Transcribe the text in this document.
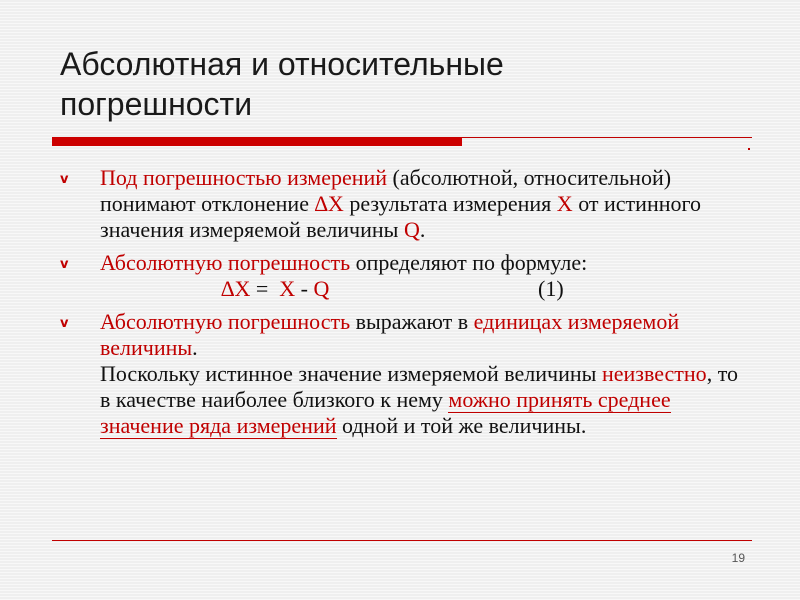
Абсолютная и относительные погрешности
v Под погрешностью измерений (абсолютной, относительной) понимают отклонение ∆X результата измерения X от истинного значения измеряемой величины Q.
v Абсолютную погрешность определяют по формуле:
∆X =  X - Q	(1)
v Абсолютную погрешность выражают в единицах измеряемой величины.
Поскольку истинное значение измеряемой величины неизвестно, то в качестве наиболее близкого к нему можно принять среднее значение ряда измерений одной и той же величины.
19
